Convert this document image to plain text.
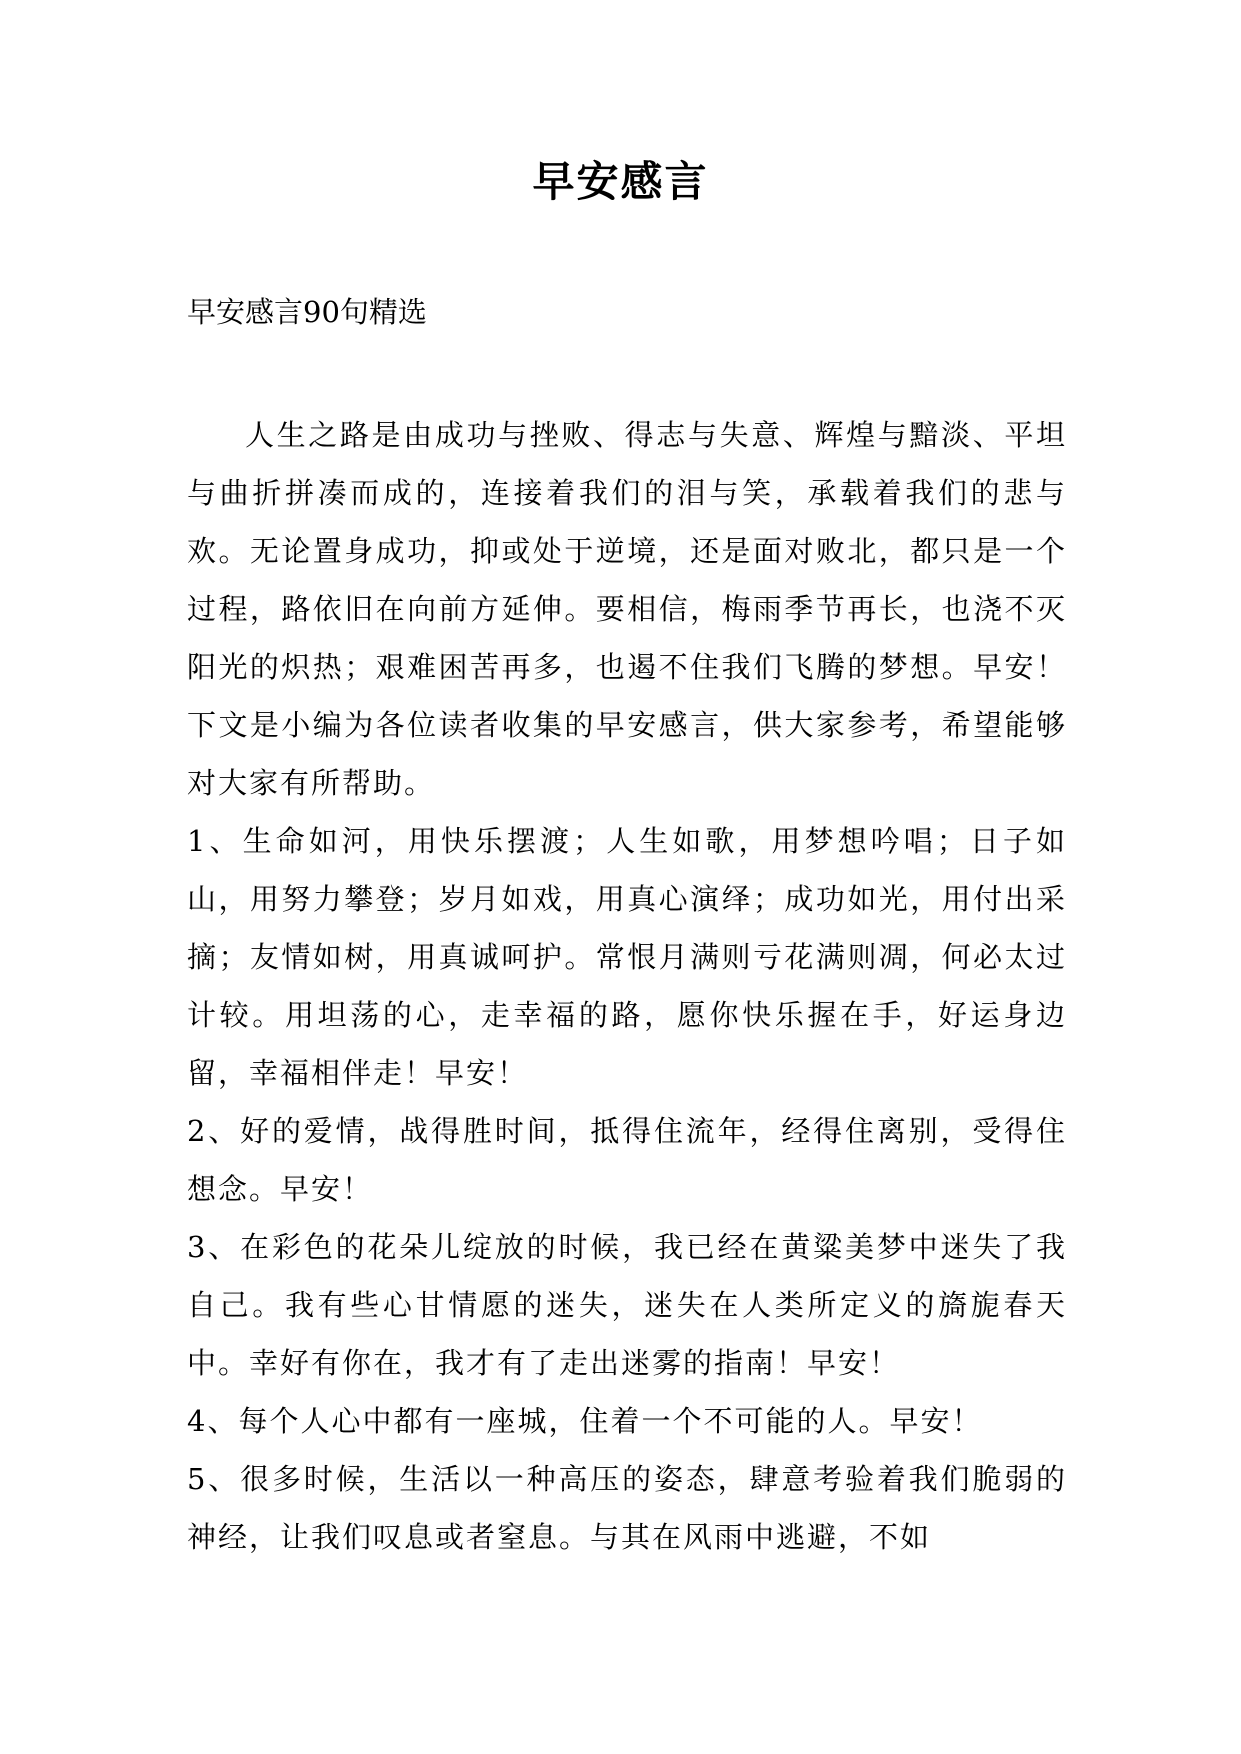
早安感言
早安感言90句精选

人生之路是由成功与挫败、得志与失意、辉煌与黯淡、平坦与曲折拼凑而成的，连接着我们的泪与笑，承载着我们的悲与欢。无论置身成功，抑或处于逆境，还是面对败北，都只是一个过程，路依旧在向前方延伸。要相信，梅雨季节再长，也浇不灭阳光的炽热；艰难困苦再多，也遏不住我们飞腾的梦想。早安！下文是小编为各位读者收集的早安感言，供大家参考，希望能够对大家有所帮助。

1、生命如河，用快乐摆渡；人生如歌，用梦想吟唱；日子如山，用努力攀登；岁月如戏，用真心演绎；成功如光，用付出采摘；友情如树，用真诚呵护。常恨月满则亏花满则凋，何必太过计较。用坦荡的心，走幸福的路，愿你快乐握在手，好运身边留，幸福相伴走！早安！

2、好的爱情，战得胜时间，抵得住流年，经得住离别，受得住想念。早安！

3、在彩色的花朵儿绽放的时候，我已经在黄粱美梦中迷失了我自己。我有些心甘情愿的迷失，迷失在人类所定义的旖旎春天中。幸好有你在，我才有了走出迷雾的指南！早安！

4、每个人心中都有一座城，住着一个不可能的人。早安！

5、很多时候，生活以一种高压的姿态，肆意考验着我们脆弱的神经，让我们叹息或者窒息。与其在风雨中逃避，不如
